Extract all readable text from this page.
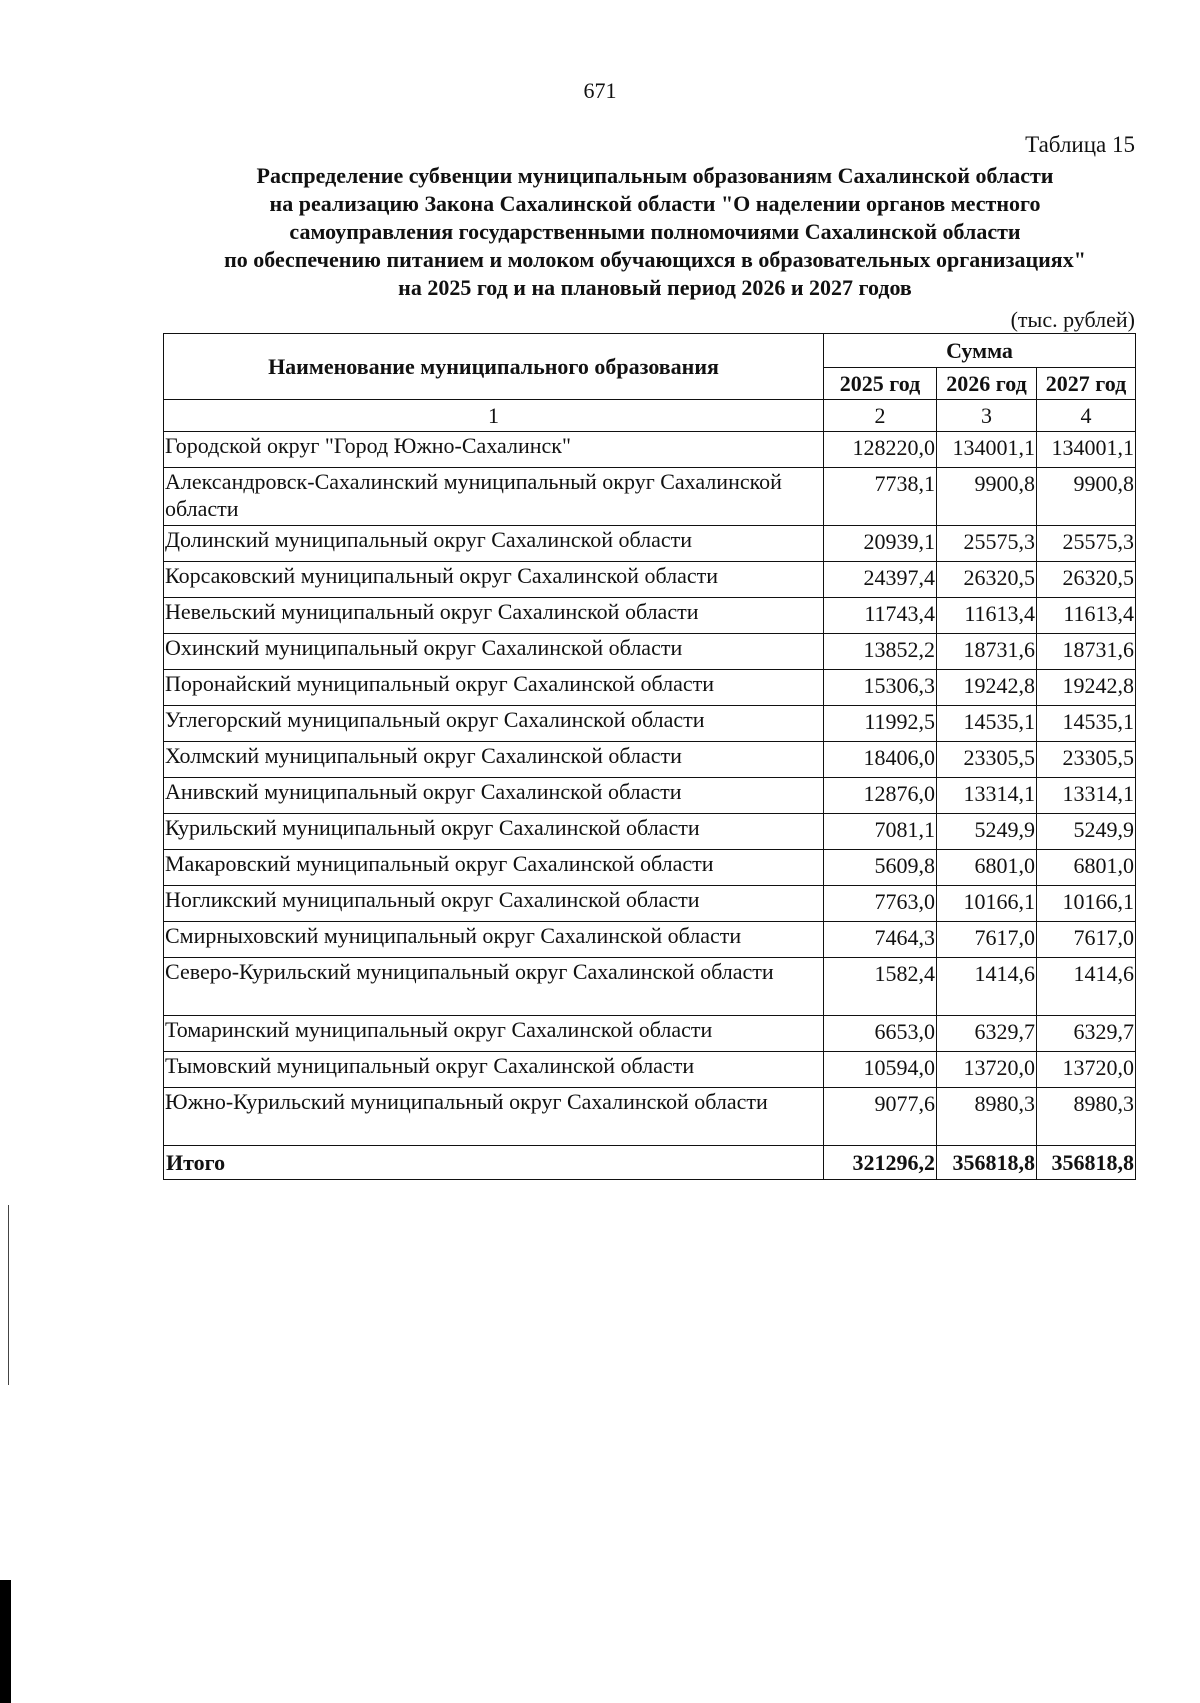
671
Таблица 15
Распределение субвенции муниципальным образованиям Сахалинской области
на реализацию Закона Сахалинской области "О наделении органов местного
самоуправления государственными полномочиями Сахалинской области
по обеспечению питанием и молоком обучающихся в образовательных организациях"
на 2025 год и на плановый период 2026 и 2027 годов
(тыс. рублей)
Наименование муниципального образования	Сумма		
	2025 год	2026 год	2027 год
1	2	3	4
Городской округ "Город Южно-Сахалинск"	128220,0	134001,1	134001,1
Александровск-Сахалинский муниципальный округ Сахалинской области	7738,1	9900,8	9900,8
Долинский муниципальный округ Сахалинской области	20939,1	25575,3	25575,3
Корсаковский муниципальный округ Сахалинской области	24397,4	26320,5	26320,5
Невельский муниципальный округ Сахалинской области	11743,4	11613,4	11613,4
Охинский муниципальный округ Сахалинской области	13852,2	18731,6	18731,6
Поронайский муниципальный округ Сахалинской области	15306,3	19242,8	19242,8
Углегорский муниципальный округ Сахалинской области	11992,5	14535,1	14535,1
Холмский муниципальный округ Сахалинской области	18406,0	23305,5	23305,5
Анивский муниципальный округ Сахалинской области	12876,0	13314,1	13314,1
Курильский муниципальный округ Сахалинской области	7081,1	5249,9	5249,9
Макаровский муниципальный округ Сахалинской области	5609,8	6801,0	6801,0
Ногликский муниципальный округ Сахалинской области	7763,0	10166,1	10166,1
Смирныховский муниципальный округ Сахалинской области	7464,3	7617,0	7617,0
Северо-Курильский муниципальный округ Сахалинской области	1582,4	1414,6	1414,6
Томаринский муниципальный округ Сахалинской области	6653,0	6329,7	6329,7
Тымовский муниципальный округ Сахалинской области	10594,0	13720,0	13720,0
Южно-Курильский муниципальный округ Сахалинской области	9077,6	8980,3	8980,3
Итого	321296,2	356818,8	356818,8
